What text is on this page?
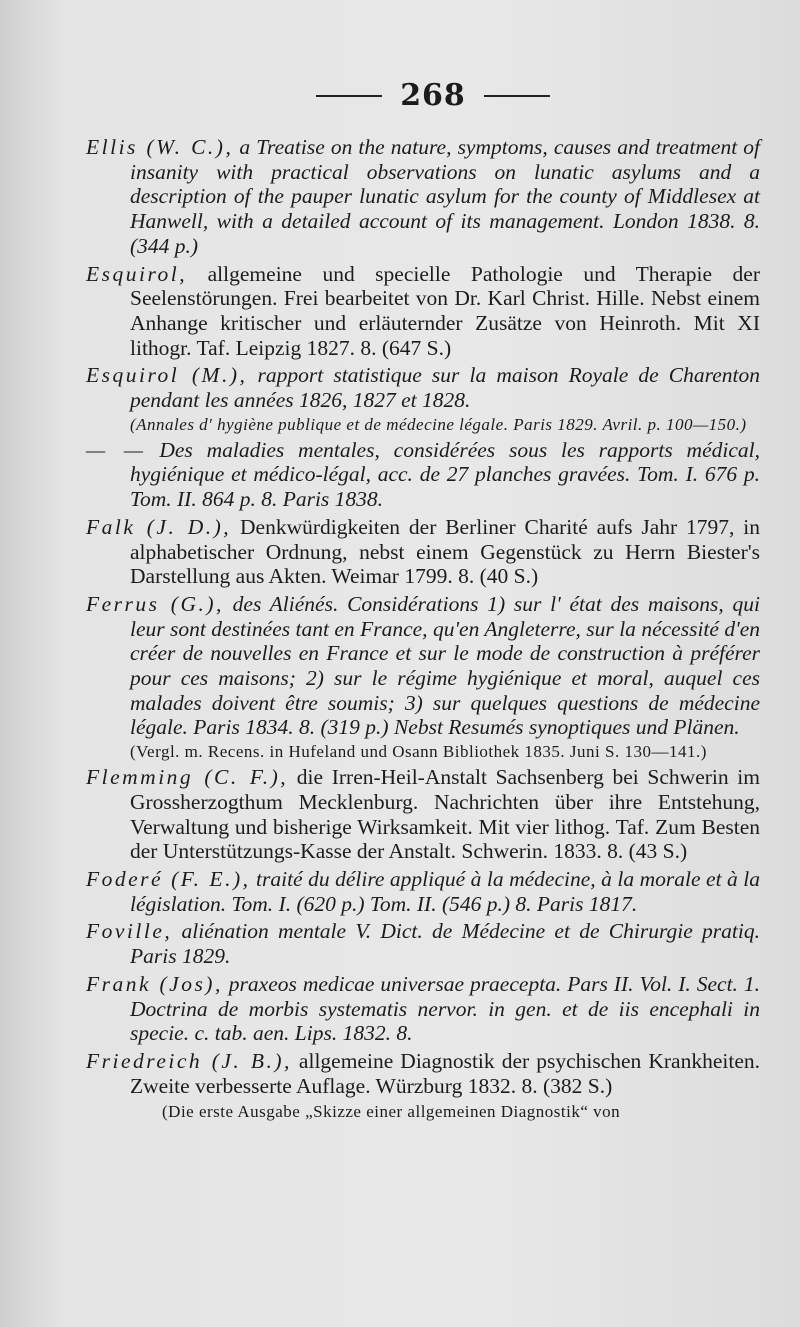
268

Ellis (W. C.), a Treatise on the nature, symptoms, causes and treatment of insanity with practical observations on lunatic asylums and a description of the pauper lunatic asylum for the county of Middlesex at Hanwell, with a detailed account of its management. London 1838. 8. (344 p.)

Esquirol, allgemeine und specielle Pathologie und Therapie der Seelenstörungen. Frei bearbeitet von Dr. Karl Christ. Hille. Nebst einem Anhange kritischer und erläuternder Zusätze von Heinroth. Mit XI lithogr. Taf. Leipzig 1827. 8. (647 S.)

Esquirol (M.), rapport statistique sur la maison Royale de Charenton pendant les années 1826, 1827 et 1828.

(Annales d' hygiène publique et de médecine légale. Paris 1829. Avril. p. 100—150.)

— — Des maladies mentales, considérées sous les rapports médical, hygiénique et médico-légal, acc. de 27 planches gravées. Tom. I. 676 p. Tom. II. 864 p. 8. Paris 1838.

Falk (J. D.), Denkwürdigkeiten der Berliner Charité aufs Jahr 1797, in alphabetischer Ordnung, nebst einem Gegenstück zu Herrn Biester's Darstellung aus Akten. Weimar 1799. 8. (40 S.)

Ferrus (G.), des Aliénés. Considérations 1) sur l' état des maisons, qui leur sont destinées tant en France, qu'en Angleterre, sur la nécessité d'en créer de nouvelles en France et sur le mode de construction à préférer pour ces maisons; 2) sur le régime hygiénique et moral, auquel ces malades doivent être soumis; 3) sur quelques questions de médecine légale. Paris 1834. 8. (319 p.) Nebst Resumés synoptiques und Plänen.

(Vergl. m. Recens. in Hufeland und Osann Bibliothek 1835. Juni S. 130—141.)

Flemming (C. F.), die Irren-Heil-Anstalt Sachsenberg bei Schwerin im Grossherzogthum Mecklenburg. Nachrichten über ihre Entstehung, Verwaltung und bisherige Wirksamkeit. Mit vier lithog. Taf. Zum Besten der Unterstützungs-Kasse der Anstalt. Schwerin. 1833. 8. (43 S.)

Foderé (F. E.), traité du délire appliqué à la médecine, à la morale et à la législation. Tom. I. (620 p.) Tom. II. (546 p.) 8. Paris 1817.

Foville, aliénation mentale V. Dict. de Médecine et de Chirurgie pratiq. Paris 1829.

Frank (Jos), praxeos medicae universae praecepta. Pars II. Vol. I. Sect. 1. Doctrina de morbis systematis nervor. in gen. et de iis encephali in specie. c. tab. aen. Lips. 1832. 8.

Friedreich (J. B.), allgemeine Diagnostik der psychischen Krankheiten. Zweite verbesserte Auflage. Würzburg 1832. 8. (382 S.)

(Die erste Ausgabe „Skizze einer allgemeinen Diagnostik“ von
